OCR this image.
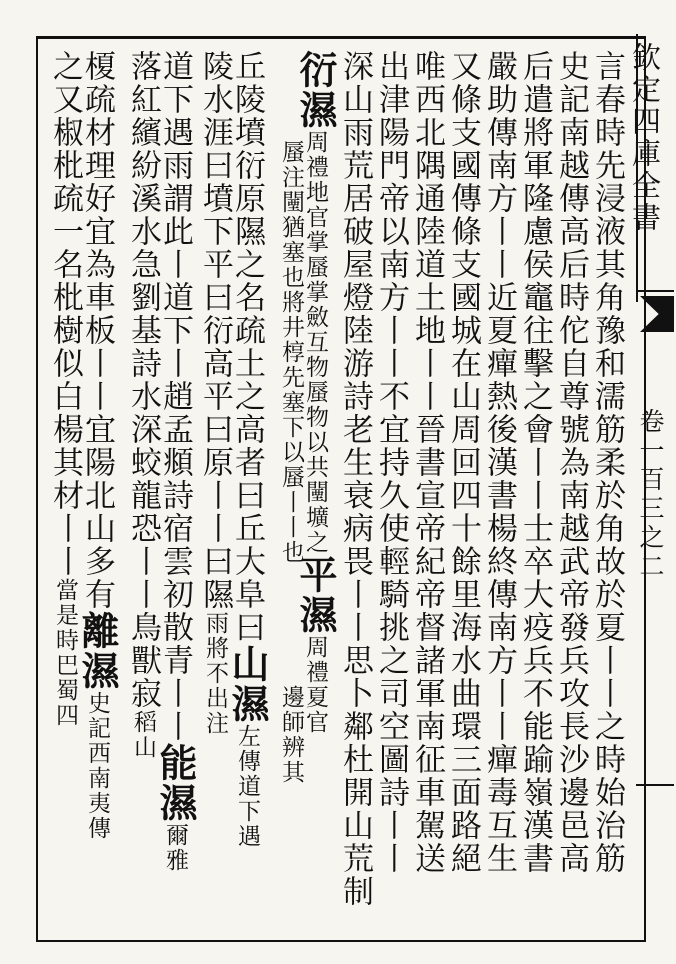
欽定四庫全書
卷一百三之二
言春時先浸液其角豫和濡筋柔於角故於夏丨丨之時始治筋
史記南越傳高后時佗自尊號為南越武帝發兵攻長沙邊邑高
后遣將軍隆慮侯竈往擊之會丨丨士卒大疫兵不能踰嶺漢書
嚴助傳南方丨丨近夏癉熱後漢書楊終傳南方丨丨癉毒互生
又條支國傳條支國城在山周回四十餘里海水曲環三面路絕
唯西北隅通陸道土地丨丨晉書宣帝紀帝督諸軍南征車駕送
出津陽門帝以南方丨丨不宜持久使輕騎挑之司空圖詩丨丨
深山雨荒居破屋燈陸游詩老生衰病畏丨丨思卜鄰杜開山荒制
衍濕周禮地官掌蜃掌斂互物蜃物以共闉壙之平濕周禮夏官
蜃注闉猶塞也將井椁先塞下以蜃丨丨也邊師辨其
丘陵墳衍原隰之名疏土之高者曰丘大阜曰山濕左傳道下遇
陵水涯曰墳下平曰衍高平曰原丨丨曰隰雨將不出注
道下遇雨謂此丨道下丨趙孟頫詩宿雲初散青丨丨能濕爾雅
落紅繽紛溪水急劉基詩水深蛟龍恐丨丨鳥獸寂稻山
榎疏材理好宜為車板丨丨宜陽北山多有離濕史記西南夷傳
之又椒枇疏一名枇樹似白楊其材丨丨當是時巴蜀四
